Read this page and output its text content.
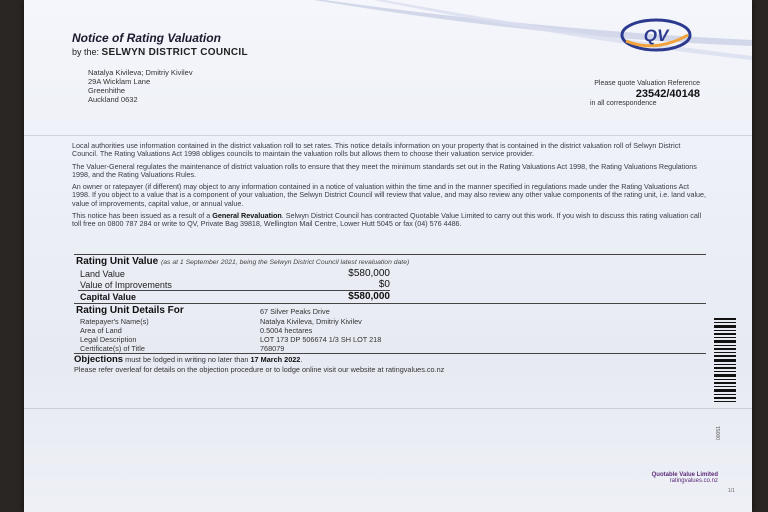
Notice of Rating Valuation
by the: SELWYN DISTRICT COUNCIL
Natalya Kivileva; Dmitriy Kivilev
29A Wicklam Lane
Greenhithe
Auckland 0632
QV
Please quote Valuation Reference
23542/40148
in all correspondence

Local authorities use information contained in the district valuation roll to set rates. This notice details information on your property that is contained in the district valuation roll of Selwyn District Council. The Rating Valuations Act 1998 obliges councils to maintain the valuation rolls but allows them to choose their valuation service provider.

The Valuer-General regulates the maintenance of district valuation rolls to ensure that they meet the minimum standards set out in the Rating Valuations Act 1998, the Rating Valuations Regulations 1998, and the Rating Valuations Rules.

An owner or ratepayer (if different) may object to any information contained in a notice of valuation within the time and in the manner specified in regulations made under the Rating Valuations Act 1998. If you object to a value that is a component of your valuation, the Selwyn District Council will review that value, and may also review any other value components of the rating unit, i.e. land value, value of improvements, capital value, or annual value.

This notice has been issued as a result of a General Revaluation. Selwyn District Council has contracted Quotable Value Limited to carry out this work. If you wish to discuss this rating valuation call toll free on 0800 787 284 or write to QV, Private Bag 39818, Wellington Mail Centre, Lower Hutt 5045 or fax (04) 576 4486.

Rating Unit Value (as at 1 September 2021, being the Selwyn District Council latest revaluation date)
Land Value	$580,000
Value of Improvements	$0
Capital Value	$580,000
Rating Unit Details For	67 Silver Peaks Drive
Ratepayer's Name(s)	Natalya Kivileva, Dmitriy Kivilev
Area of Land	0.5004 hectares
Legal Description	LOT 173 DP 506674 1/3 SH LOT 218
Certificate(s) of Title	768079
Objections must be lodged in writing no later than 17 March 2022.
Please refer overleaf for details on the objection procedure or to lodge online visit our website at ratingvalues.co.nz
00051
Quotable Value Limited
ratingvalues.co.nz
1/1
